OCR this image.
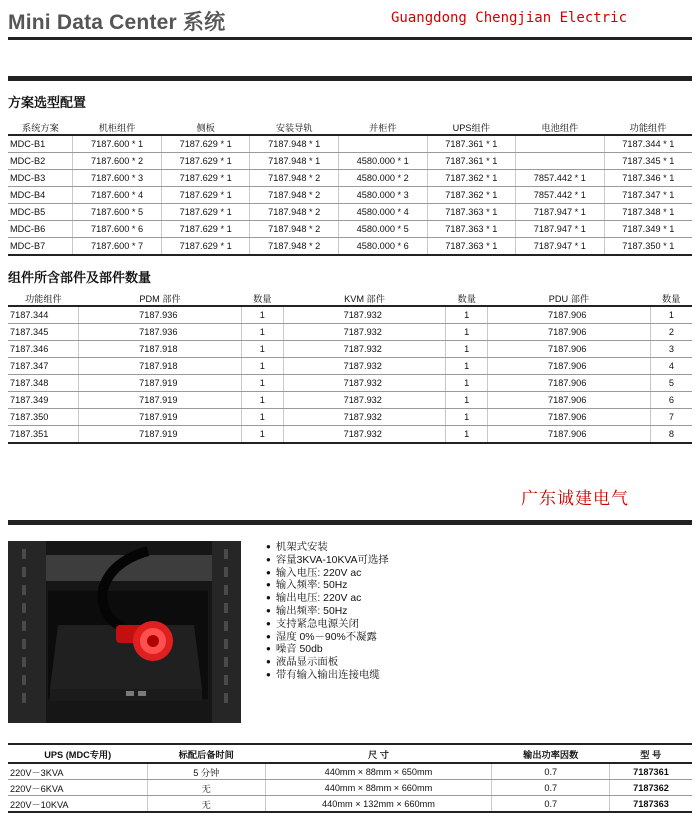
Mini Data Center 系统	Guangdong Chengjian Electric
方案选型配置
系统方案	机柜组件	侧板	安装导轨	并柜件	UPS组件	电池组件	功能组件
MDC-B1	7187.600 * 1	7187.629 * 1	7187.948 * 1		7187.361 * 1		7187.344 * 1
MDC-B2	7187.600 * 2	7187.629 * 1	7187.948 * 1	4580.000 * 1	7187.361 * 1		7187.345 * 1
MDC-B3	7187.600 * 3	7187.629 * 1	7187.948 * 2	4580.000 * 2	7187.362 * 1	7857.442 * 1	7187.346 * 1
MDC-B4	7187.600 * 4	7187.629 * 1	7187.948 * 2	4580.000 * 3	7187.362 * 1	7857.442 * 1	7187.347 * 1
MDC-B5	7187.600 * 5	7187.629 * 1	7187.948 * 2	4580.000 * 4	7187.363 * 1	7187.947 * 1	7187.348 * 1
MDC-B6	7187.600 * 6	7187.629 * 1	7187.948 * 2	4580.000 * 5	7187.363 * 1	7187.947 * 1	7187.349 * 1
MDC-B7	7187.600 * 7	7187.629 * 1	7187.948 * 2	4580.000 * 6	7187.363 * 1	7187.947 * 1	7187.350 * 1
组件所含部件及部件数量
功能组件	PDM 部件	数量	KVM 部件	数量	PDU 部件	数量
7187.344	7187.936	1	7187.932	1	7187.906	1
7187.345	7187.936	1	7187.932	1	7187.906	2
7187.346	7187.918	1	7187.932	1	7187.906	3
7187.347	7187.918	1	7187.932	1	7187.906	4
7187.348	7187.919	1	7187.932	1	7187.906	5
7187.349	7187.919	1	7187.932	1	7187.906	6
7187.350	7187.919	1	7187.932	1	7187.906	7
7187.351	7187.919	1	7187.932	1	7187.906	8
广东诚建电气
● 机架式安装
● 容量3KVA-10KVA可选择
● 输入电压: 220V ac
● 输入频率: 50Hz
● 输出电压: 220V ac
● 输出频率: 50Hz
● 支持紧急电源关闭
● 湿度 0%－90%不凝露
● 噪音 50db
● 液晶显示面板
● 带有输入输出连接电缆
UPS (MDC专用)	标配后备时间	尺 寸	输出功率因数	型 号
220V－3KVA	5 分钟	440mm × 88mm × 650mm	0.7	7187361
220V－6KVA	无	440mm × 88mm × 660mm	0.7	7187362
220V－10KVA	无	440mm × 132mm × 660mm	0.7	7187363
